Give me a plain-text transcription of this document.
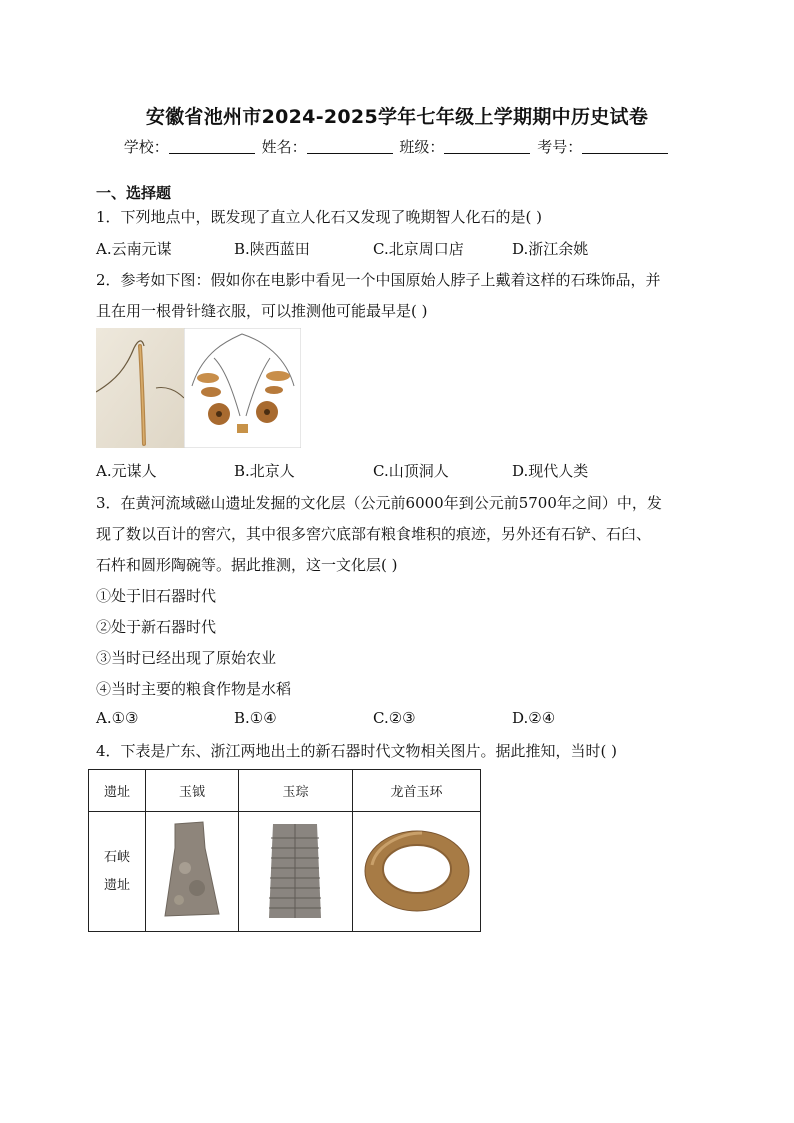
安徽省池州市2024-2025学年七年级上学期期中历史试卷
学校：	姓名：	班级：	考号：
一、选择题
1．下列地点中，既发现了直立人化石又发现了晚期智人化石的是( )
A.云南元谋	B.陕西蓝田	C.北京周口店	D.浙江余姚
2．参考如下图：假如你在电影中看见一个中国原始人脖子上戴着这样的石珠饰品，并
且在用一根骨针缝衣服，可以推测他可能最早是( )
A.元谋人	B.北京人	C.山顶洞人	D.现代人类
3．在黄河流域磁山遗址发掘的文化层（公元前6000年到公元前5700年之间）中，发
现了数以百计的窖穴，其中很多窖穴底部有粮食堆积的痕迹，另外还有石铲、石臼、
石杵和圆形陶碗等。据此推测，这一文化层( )
①处于旧石器时代
②处于新石器时代
③当时已经出现了原始农业
④当时主要的粮食作物是水稻
A.①③	B.①④	C.②③	D.②④
4．下表是广东、浙江两地出土的新石器时代文物相关图片。据此推知，当时( )
遗址	玉钺	玉琮	龙首玉环

石峡
遗址
